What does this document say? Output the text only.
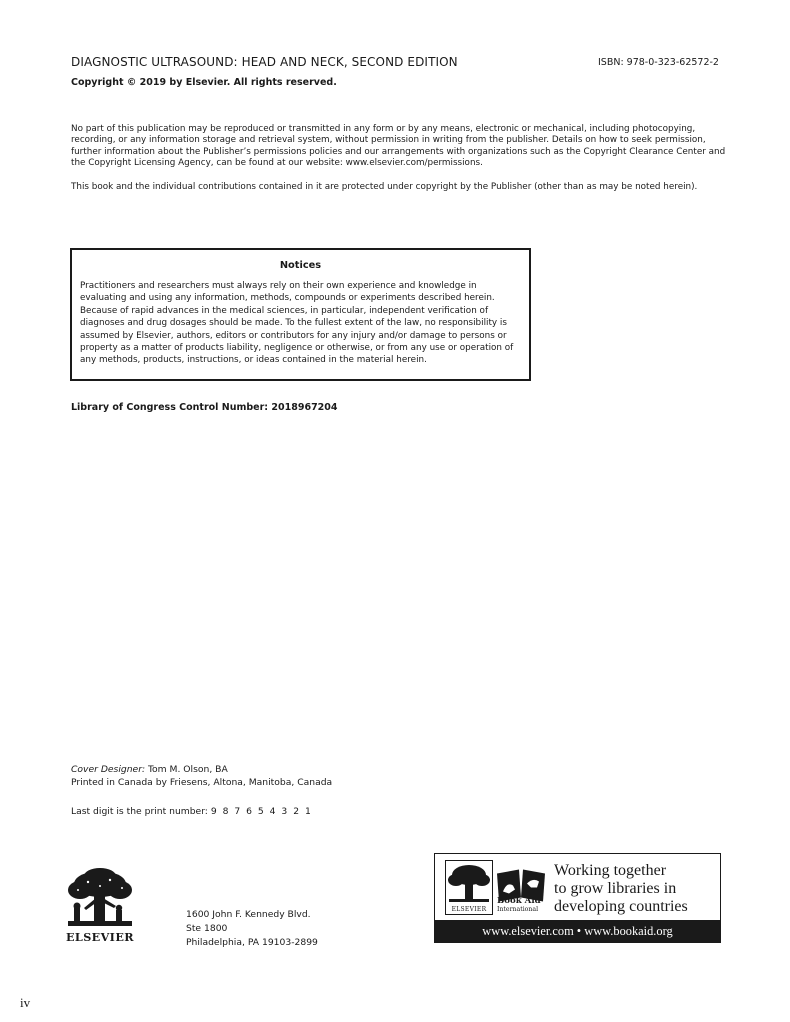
DIAGNOSTIC ULTRASOUND: HEAD AND NECK, SECOND EDITION	ISBN: 978-0-323-62572-2
Copyright © 2019 by Elsevier. All rights reserved.
No part of this publication may be reproduced or transmitted in any form or by any means, electronic or mechanical, including photocopying, recording, or any information storage and retrieval system, without permission in writing from the publisher. Details on how to seek permission, further information about the Publisher’s permissions policies and our arrangements with organizations such as the Copyright Clearance Center and the Copyright Licensing Agency, can be found at our website: www.elsevier.com/permissions.
This book and the individual contributions contained in it are protected under copyright by the Publisher (other than as may be noted herein).
Notices
Practitioners and researchers must always rely on their own experience and knowledge in evaluating and using any information, methods, compounds or experiments described herein. Because of rapid advances in the medical sciences, in particular, independent verification of diagnoses and drug dosages should be made. To the fullest extent of the law, no responsibility is assumed by Elsevier, authors, editors or contributors for any injury and/or damage to persons or property as a matter of products liability, negligence or otherwise, or from any use or operation of any methods, products, instructions, or ideas contained in the material herein.
Library of Congress Control Number: 2018967204
Cover Designer: Tom M. Olson, BA
Printed in Canada by Friesens, Altona, Manitoba, Canada
Last digit is the print number: 9 8 7 6 5 4 3 2 1
ELSEVIER
1600 John F. Kennedy Blvd.
Ste 1800
Philadelphia, PA 19103-2899
ELSEVIER
Book Aid
International
Working together
to grow libraries in
developing countries
www.elsevier.com • www.bookaid.org
iv
